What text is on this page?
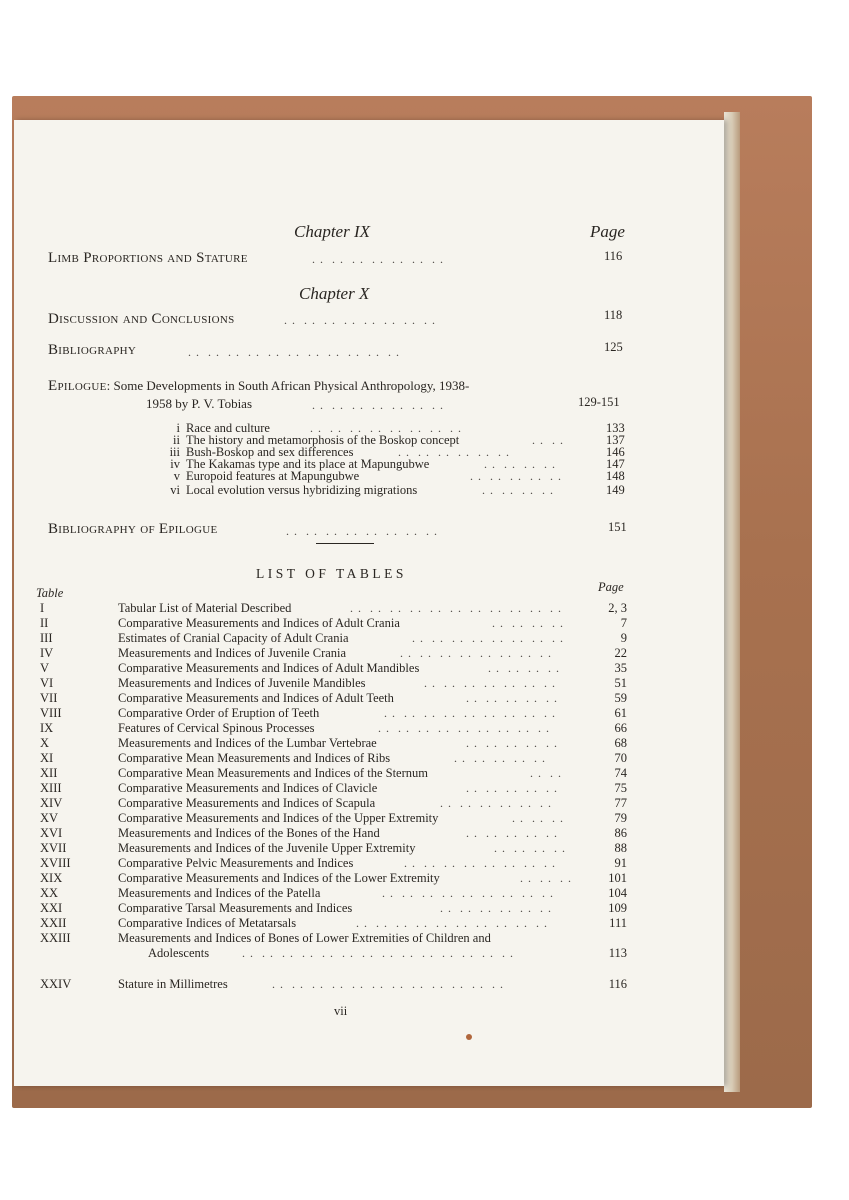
Chapter IX	Page
Limb Proportions and Stature	. .  . .  . .  . .  . .  . .  . .	116
Chapter X
Discussion and Conclusions	. .  . .  . .  . .  . .  . .  . .  . .	118
Bibliography	. .  . .  . .  . .  . .  . .  . .  . .  . .  . .  . .	125
Epilogue: Some Developments in South African Physical Anthropology, 1938-
1958 by P. V. Tobias	. .  . .  . .  . .  . .  . .  . .	129-151
i Race and culture	. .  . .  . .  . .  . .  . .  . .  . .	133
ii The history and metamorphosis of the Boskop concept	. .  . .	137
iii Bush-Boskop and sex differences	. .  . .  . .  . .  . .  . .	146
iv The Kakamas type and its place at Mapungubwe	. .  . .  . .  . .	147
v Europoid features at Mapungubwe	. .  . .  . .  . .  . .	148
vi Local evolution versus hybridizing migrations	. .  . .  . .  . .	149
Bibliography of Epilogue	. .  . .  . .  . .  . .  . .  . .  . .	151
LIST OF TABLES
Table	Page
I	Tabular List of Material Described	. .  . .  . .  . .  . .  . .  . .  . .  . .  . .  . .	2, 3
II	Comparative Measurements and Indices of Adult Crania	. .  . .  . .  . .	7
III	Estimates of Cranial Capacity of Adult Crania	. .  . .  . .  . .  . .  . .  . .  . .	9
IV	Measurements and Indices of Juvenile Crania	. .  . .  . .  . .  . .  . .  . .  . .	22
V	Comparative Measurements and Indices of Adult Mandibles	. .  . .  . .  . .	35
VI	Measurements and Indices of Juvenile Mandibles	. .  . .  . .  . .  . .  . .  . .	51
VII	Comparative Measurements and Indices of Adult Teeth	. .  . .  . .  . .  . .	59
VIII	Comparative Order of Eruption of Teeth	. .  . .  . .  . .  . .  . .  . .  . .  . .	61
IX	Features of Cervical Spinous Processes	. .  . .  . .  . .  . .  . .  . .  . .  . .	66
X	Measurements and Indices of the Lumbar Vertebrae	. .  . .  . .  . .  . .	68
XI	Comparative Mean Measurements and Indices of Ribs	. .  . .  . .  . .  . .	70
XII	Comparative Mean Measurements and Indices of the Sternum	. .  . .	74
XIII	Comparative Measurements and Indices of Clavicle	. .  . .  . .  . .  . .	75
XIV	Comparative Measurements and Indices of Scapula	. .  . .  . .  . .  . .  . .	77
XV	Comparative Measurements and Indices of the Upper Extremity	. .  . .  . .	79
XVI	Measurements and Indices of the Bones of the Hand	. .  . .  . .  . .  . .	86
XVII	Measurements and Indices of the Juvenile Upper Extremity	. .  . .  . .  . .	88
XVIII	Comparative Pelvic Measurements and Indices	. .  . .  . .  . .  . .  . .  . .  . .	91
XIX	Comparative Measurements and Indices of the Lower Extremity	. .  . .  . .	101
XX	Measurements and Indices of the Patella	. .  . .  . .  . .  . .  . .  . .  . .  . .	104
XXI	Comparative Tarsal Measurements and Indices	. .  . .  . .  . .  . .  . .	109
XXII	Comparative Indices of Metatarsals	. .  . .  . .  . .  . .  . .  . .  . .  . .  . .	111
XXIII	Measurements and Indices of Bones of Lower Extremities of Children and
Adolescents	. .  . .  . .  . .  . .  . .  . .  . .  . .  . .  . .  . .  . .  . .	113
XXIV	Stature in Millimetres	. .  . .  . .  . .  . .  . .  . .  . .  . .  . .  . .  . .	116
vii
